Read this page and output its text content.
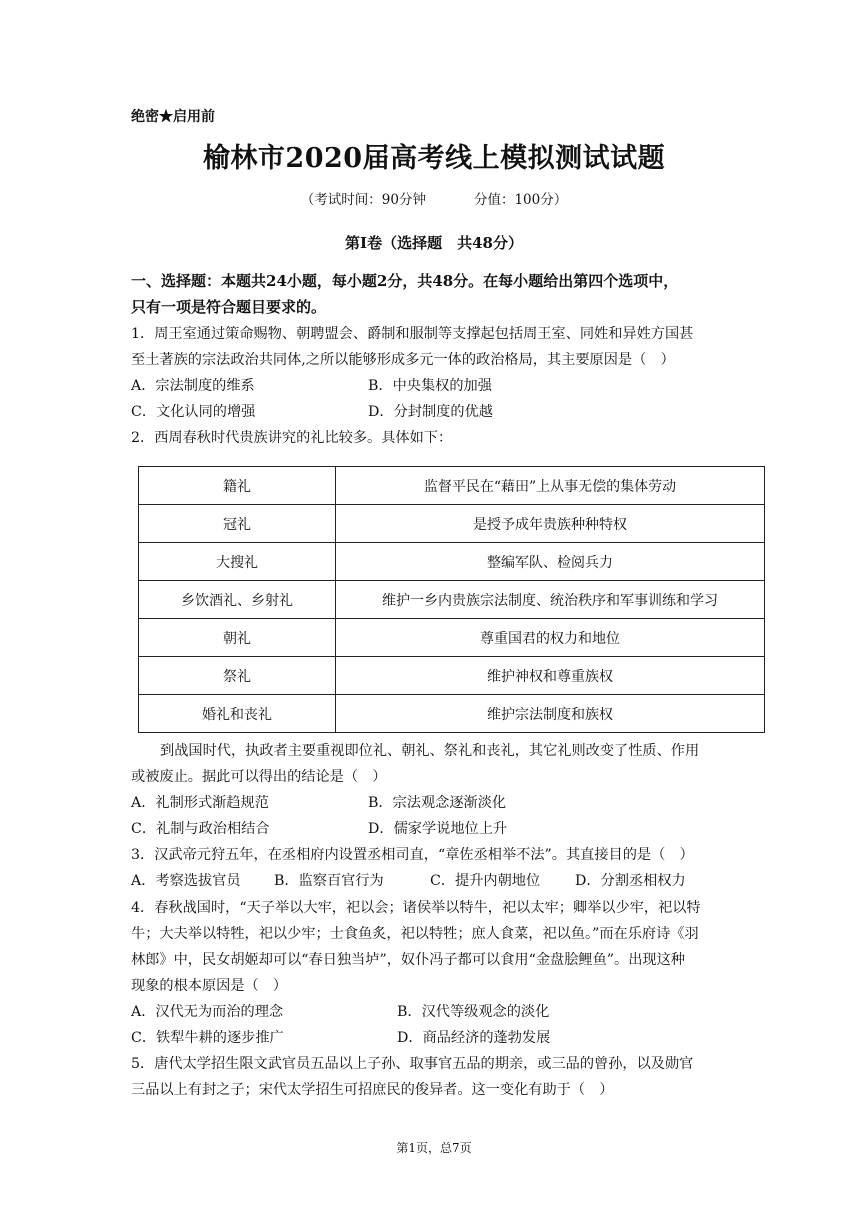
绝密★启用前
榆林市2020届高考线上模拟测试试题
（考试时间：90分钟	分值：100分）
第I卷（选择题　共48分）
一、选择题：本题共24小题，每小题2分，共48分。在每小题给出第四个选项中，
只有一项是符合题目要求的。
1．周王室通过策命赐物、朝聘盟会、爵制和服制等支撑起包括周王室、同姓和异姓方国甚
至土著族的宗法政治共同体,之所以能够形成多元一体的政治格局，其主要原因是（　）
A．宗法制度的维系	B．中央集权的加强
C．文化认同的增强	D．分封制度的优越
2．西周春秋时代贵族讲究的礼比较多。具体如下：
籍礼	监督平民在“藉田”上从事无偿的集体劳动
冠礼	是授予成年贵族种种特权
大搜礼	整编军队、检阅兵力
乡饮酒礼、乡射礼	维护一乡内贵族宗法制度、统治秩序和军事训练和学习
朝礼	尊重国君的权力和地位
祭礼	维护神权和尊重族权
婚礼和丧礼	维护宗法制度和族权
到战国时代，执政者主要重视即位礼、朝礼、祭礼和丧礼，其它礼则改变了性质、作用
或被废止。据此可以得出的结论是（　）
A．礼制形式渐趋规范	B．宗法观念逐渐淡化
C．礼制与政治相结合	D．儒家学说地位上升
3．汉武帝元狩五年，在丞相府内设置丞相司直，“章佐丞相举不法”。其直接目的是（　）
A．考察选拔官员 B．监察百官行为	C．提升内朝地位 D．分割丞相权力
4．春秋战国时，“天子举以大牢，祀以会；诸侯举以特牛，祀以太牢；卿举以少牢，祀以特
牛；大夫举以特牲，祀以少牢；士食鱼炙，祀以特牲；庶人食菜，祀以鱼。”而在乐府诗《羽
林郎》中，民女胡姬却可以“春日独当垆”，奴仆冯子都可以食用“金盘脍鲤鱼”。出现这种
现象的根本原因是（　）
A．汉代无为而治的理念	B．汉代等级观念的淡化
C．铁犁牛耕的逐步推广	D．商品经济的蓬勃发展
5．唐代太学招生限文武官员五品以上子孙、取事官五品的期亲，或三品的曾孙，以及勋官
三品以上有封之子；宋代太学招生可招庶民的俊异者。这一变化有助于（　）
第1页，总7页
